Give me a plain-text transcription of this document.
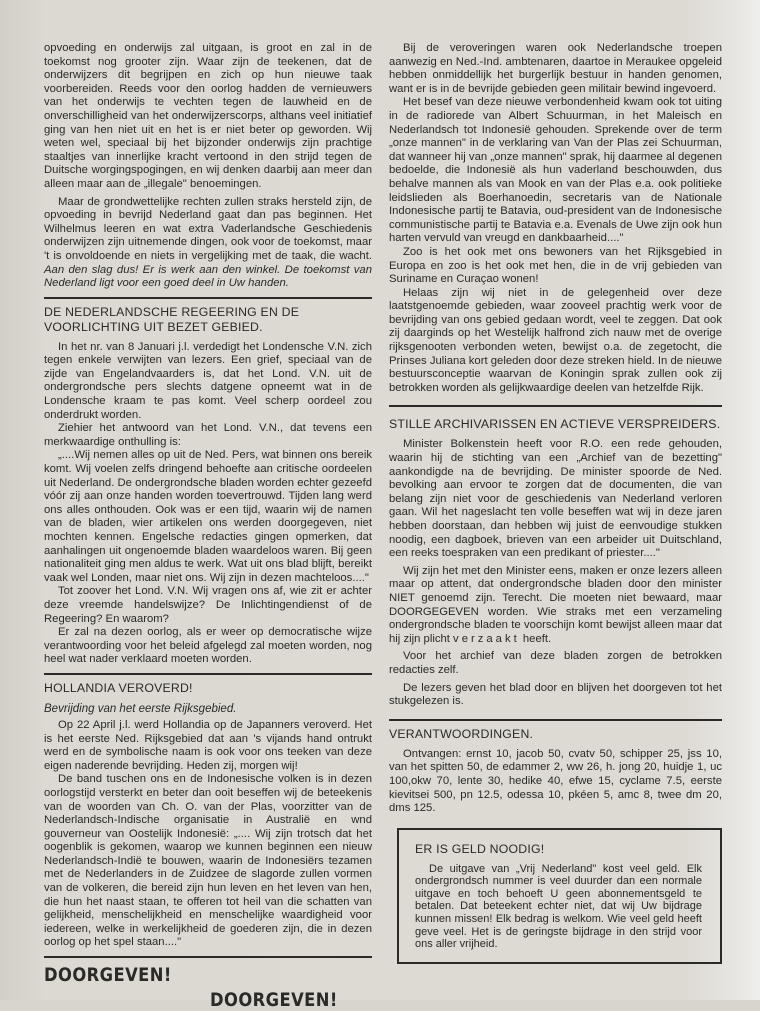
opvoeding en onderwijs zal uitgaan, is groot en zal in de toekomst nog grooter zijn. Waar zijn de teekenen, dat de onderwijzers dit begrijpen en zich op hun nieuwe taak voorbereiden. Reeds voor den oorlog hadden de vernieuwers van het onderwijs te vechten tegen de lauwheid en de onverschilligheid van het onderwijzerscorps, althans veel initiatief ging van hen niet uit en het is er niet beter op geworden. Wij weten wel, speciaal bij het bijzonder onderwijs zijn prachtige staaltjes van innerlijke kracht vertoond in den strijd tegen de Duitsche worgingspogingen, en wij denken daarbij aan meer dan alleen maar aan de „illegale" benoemingen.

Maar de grondwettelijke rechten zullen straks hersteld zijn, de opvoeding in bevrijd Nederland gaat dan pas beginnen. Het Wilhelmus leeren en wat extra Vaderlandsche Geschiedenis onderwijzen zijn uitnemende dingen, ook voor de toekomst, maar 't is onvoldoende en niets in vergelijking met de taak, die wacht. Aan den slag dus! Er is werk aan den winkel. De toekomst van Nederland ligt voor een goed deel in Uw handen.

DE NEDERLANDSCHE REGEERING EN DE VOORLICHTING UIT BEZET GEBIED.

In het nr. van 8 Januari j.l. verdedigt het Londensche V.N. zich tegen enkele verwijten van lezers. Een grief, speciaal van de zijde van Engelandvaarders is, dat het Lond. V.N. uit de ondergrondsche pers slechts datgene opneemt wat in de Londensche kraam te pas komt. Veel scherp oordeel zou onderdrukt worden.

Ziehier het antwoord van het Lond. V.N., dat tevens een merkwaardige onthulling is:

„....Wij nemen alles op uit de Ned. Pers, wat binnen ons bereik komt. Wij voelen zelfs dringend behoefte aan critische oordeelen uit Nederland. De ondergrondsche bladen worden echter gezeefd vóór zij aan onze handen worden toevertrouwd. Tijden lang werd ons alles onthouden. Ook was er een tijd, waarin wij de namen van de bladen, wier artikelen ons werden doorgegeven, niet mochten kennen. Engelsche redacties gingen opmerken, dat aanhalingen uit ongenoemde bladen waardeloos waren. Bij geen nationaliteit ging men aldus te werk. Wat uit ons blad blijft, bereikt vaak wel Londen, maar niet ons. Wij zijn in dezen machteloos...."

Tot zoover het Lond. V.N. Wij vragen ons af, wie zit er achter deze vreemde handelswijze? De Inlichtingendienst of de Regeering? En waarom?

Er zal na dezen oorlog, als er weer op democratische wijze verantwoording voor het beleid afgelegd zal moeten worden, nog heel wat nader verklaard moeten worden.

HOLLANDIA VEROVERD!
Bevrijding van het eerste Rijksgebied.

Op 22 April j.l. werd Hollandia op de Japanners veroverd. Het is het eerste Ned. Rijksgebied dat aan 's vijands hand ontrukt werd en de symbolische naam is ook voor ons teeken van deze eigen naderende bevrijding. Heden zij, morgen wij!

De band tuschen ons en de Indonesische volken is in dezen oorlogstijd versterkt en beter dan ooit beseffen wij de beteekenis van de woorden van Ch. O. van der Plas, voorzitter van de Nederlandsch-Indische organisatie in Australië en wnd gouverneur van Oostelijk Indonesië: „.... Wij zijn trotsch dat het oogenblik is gekomen, waarop we kunnen beginnen een nieuw Nederlandsch-Indië te bouwen, waarin de Indonesiërs tezamen met de Nederlanders in de Zuidzee de slagorde zullen vormen van de volkeren, die bereid zijn hun leven en het leven van hen, die hun het naast staan, te offeren tot heil van die schatten van gelijkheid, menschelijkheid en menschelijke waardigheid voor iedereen, welke in werkelijkheid de goederen zijn, die in dezen oorlog op het spel staan...."

DOORGEVEN!
DOORGEVEN!

Bij de veroveringen waren ook Nederlandsche troepen aanwezig en Ned.-Ind. ambtenaren, daartoe in Meraukee opgeleid hebben onmiddellijk het burgerlijk bestuur in handen genomen, want er is in de bevrijde gebieden geen militair bewind ingevoerd.

Het besef van deze nieuwe verbondenheid kwam ook tot uiting in de radiorede van Albert Schuurman, in het Maleisch en Nederlandsch tot Indonesië gehouden. Sprekende over de term „onze mannen" in de verklaring van Van der Plas zei Schuurman, dat wanneer hij van „onze mannen" sprak, hij daarmee al degenen bedoelde, die Indonesië als hun vaderland beschouwden, dus behalve mannen als van Mook en van der Plas e.a. ook politieke leidslieden als Boerhanoedin, secretaris van de Nationale Indonesische partij te Batavia, oud-president van de Indonesische communistische partij te Batavia e.a. Evenals de Uwe zijn ook hun harten vervuld van vreugd en dankbaarheid...."

Zoo is het ook met ons bewoners van het Rijksgebied in Europa en zoo is het ook met hen, die in de vrij gebieden van Suriname en Curaçao wonen!

Helaas zijn wij niet in de gelegenheid over deze laatstgenoemde gebieden, waar zooveel prachtig werk voor de bevrijding van ons gebied gedaan wordt, veel te zeggen. Dat ook zij daarginds op het Westelijk halfrond zich nauw met de overige rijksgenooten verbonden weten, bewijst o.a. de zegetocht, die Prinses Juliana kort geleden door deze streken hield. In de nieuwe bestuursconceptie waarvan de Koningin sprak zullen ook zij betrokken worden als gelijkwaardige deelen van hetzelfde Rijk.

STILLE ARCHIVARISSEN EN ACTIEVE VERSPREIDERS.

Minister Bolkenstein heeft voor R.O. een rede gehouden, waarin hij de stichting van een „Archief van de bezetting" aankondigde na de bevrijding. De minister spoorde de Ned. bevolking aan ervoor te zorgen dat de documenten, die van belang zijn niet voor de geschiedenis van Nederland verloren gaan. Wil het nageslacht ten volle beseffen wat wij in deze jaren hebben doorstaan, dan hebben wij juist de eenvoudige stukken noodig, een dagboek, brieven van een arbeider uit Duitschland, een reeks toespraken van een predikant of priester...."

Wij zijn het met den Minister eens, maken er onze lezers alleen maar op attent, dat ondergrondsche bladen door den minister NIET genoemd zijn. Terecht. Die moeten niet bewaard, maar DOORGEGEVEN worden. Wie straks met een verzameling ondergrondsche bladen te voorschijn komt bewijst alleen maar dat hij zijn plicht verzaakt heeft.

Voor het archief van deze bladen zorgen de betrokken redacties zelf.

De lezers geven het blad door en blijven het doorgeven tot het stukgelezen is.

VERANTWOORDINGEN.

Ontvangen: ernst 10, jacob 50, cvatv 50, schipper 25, jss 10, van het spitten 50, de edammer 2, ww 26, h. jong 20, huidje 1, uc 100,okw 70, lente 30, hedike 40, efwe 15, cyclame 7.5, eerste kievitsei 500, pn 12.5, odessa 10, pkéen 5, amc 8, twee dm 20, dms 125.

ER IS GELD NOODIG!

De uitgave van „Vrij Nederland" kost veel geld. Elk ondergrondsch nummer is veel duurder dan een normale uitgave en toch behoeft U geen abonnementsgeld te betalen. Dat beteekent echter niet, dat wij Uw bijdrage kunnen missen! Elk bedrag is welkom. Wie veel geld heeft geve veel. Het is de geringste bijdrage in den strijd voor ons aller vrijheid.
